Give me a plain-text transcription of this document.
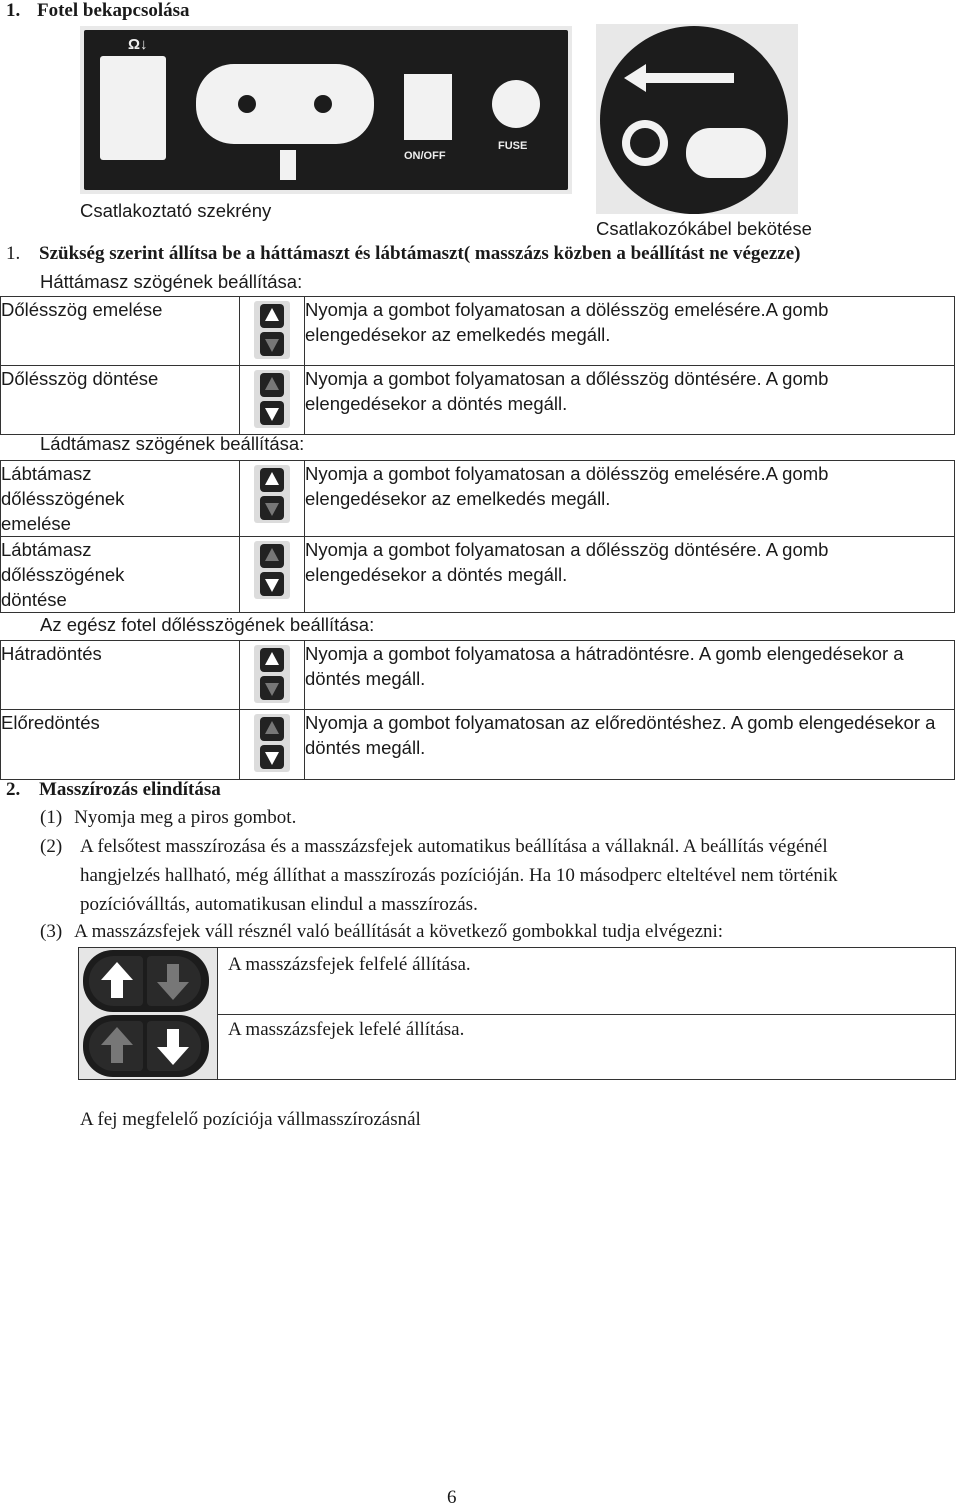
1. Fotel bekapcsolása
Ω↓
ON/OFF
FUSE
Csatlakoztató szekrény
Csatlakozókábel bekötése
1. Szükség szerint állítsa be a háttámaszt és lábtámaszt( masszázs közben a beállítást ne végezze)
Háttámasz szögének beállítása:
Dőlésszög emelése		Nyomja a gombot folyamatosan a dölésszög emelésére.A gomb elengedésekor az emelkedés megáll.
Dőlésszög döntése		Nyomja a gombot folyamatosan a dőlésszög döntésére. A gomb elengedésekor a döntés megáll.
Ládtámasz szögének beállítása:
Lábtámasz dőlésszögének emelése		Nyomja a gombot folyamatosan a dölésszög emelésére.A gomb elengedésekor az emelkedés megáll.

Lábtámasz dőlésszögének döntése		Nyomja a gombot folyamatosan a dőlésszög döntésére. A gomb elengedésekor a döntés megáll.
Az egész fotel dőlésszögének beállítása:
Hátradöntés		Nyomja a gombot folyamatosa a hátradöntésre. A gomb elengedésekor a döntés megáll.
Előredöntés		Nyomja a gombot folyamatosan az előredöntéshez. A gomb elengedésekor a döntés megáll.
2. Masszírozás elindítása
(1) Nyomja meg a piros gombot.
(2) A felsőtest masszírozása és a masszázsfejek automatikus beállítása a vállaknál. A beállítás végénél
hangjelzés hallható, még állíthat a masszírozás pozícióján. Ha 10 másodperc elteltével nem történik
pozícióválltás, automatikusan elindul a masszírozás.
(3) A masszázsfejek váll résznél való beállítását a következő gombokkal tudja elvégezni:
	A masszázsfejek felfelé állítása.

	A masszázsfejek lefelé állítása.
A fej megfelelő pozíciója vállmasszírozásnál
6
